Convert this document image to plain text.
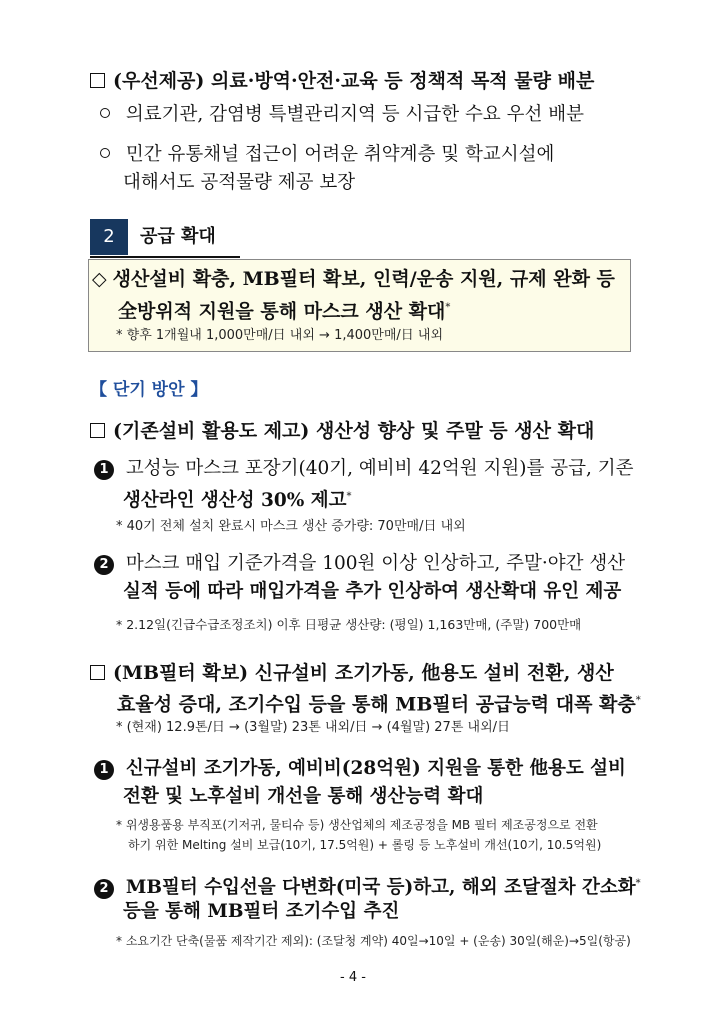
(우선제공) 의료·방역·안전·교육 등 정책적 목적 물량 배분
의료기관, 감염병 특별관리지역 등 시급한 수요 우선 배분
민간 유통채널 접근이 어려운 취약계층 및 학교시설에
대해서도 공적물량 제공 보장
2	공급 확대
◇ 생산설비 확충, MB필터 확보, 인력/운송 지원, 규제 완화 등
全방위적 지원을 통해 마스크 생산 확대*
* 향후 1개월내 1,000만매/日 내외 → 1,400만매/日 내외
【 단기 방안 】
(기존설비 활용도 제고) 생산성 향상 및 주말 등 생산 확대
1 고성능 마스크 포장기(40기, 예비비 42억원 지원)를 공급, 기존
생산라인 생산성 30% 제고*
* 40기 전체 설치 완료시 마스크 생산 증가량: 70만매/日 내외
2 마스크 매입 기준가격을 100원 이상 인상하고, 주말·야간 생산
실적 등에 따라 매입가격을 추가 인상하여 생산확대 유인 제공
* 2.12일(긴급수급조정조치) 이후 日평균 생산량: (평일) 1,163만매, (주말) 700만매
(MB필터 확보) 신규설비 조기가동, 他용도 설비 전환, 생산
효율성 증대, 조기수입 등을 통해 MB필터 공급능력 대폭 확충*
* (현재) 12.9톤/日 → (3월말) 23톤 내외/日 → (4월말) 27톤 내외/日
1 신규설비 조기가동, 예비비(28억원) 지원을 통한 他용도 설비
전환 및 노후설비 개선을 통해 생산능력 확대
* 위생용품용 부직포(기저귀, 물티슈 등) 생산업체의 제조공정을 MB 필터 제조공정으로 전환
하기 위한 Melting 설비 보급(10기, 17.5억원) + 롤링 등 노후설비 개선(10기, 10.5억원)
2 MB필터 수입선을 다변화(미국 등)하고, 해외 조달절차 간소화*
등을 통해 MB필터 조기수입 추진
* 소요기간 단축(물품 제작기간 제외): (조달청 계약) 40일→10일 + (운송) 30일(해운)→5일(항공)
- 4 -
